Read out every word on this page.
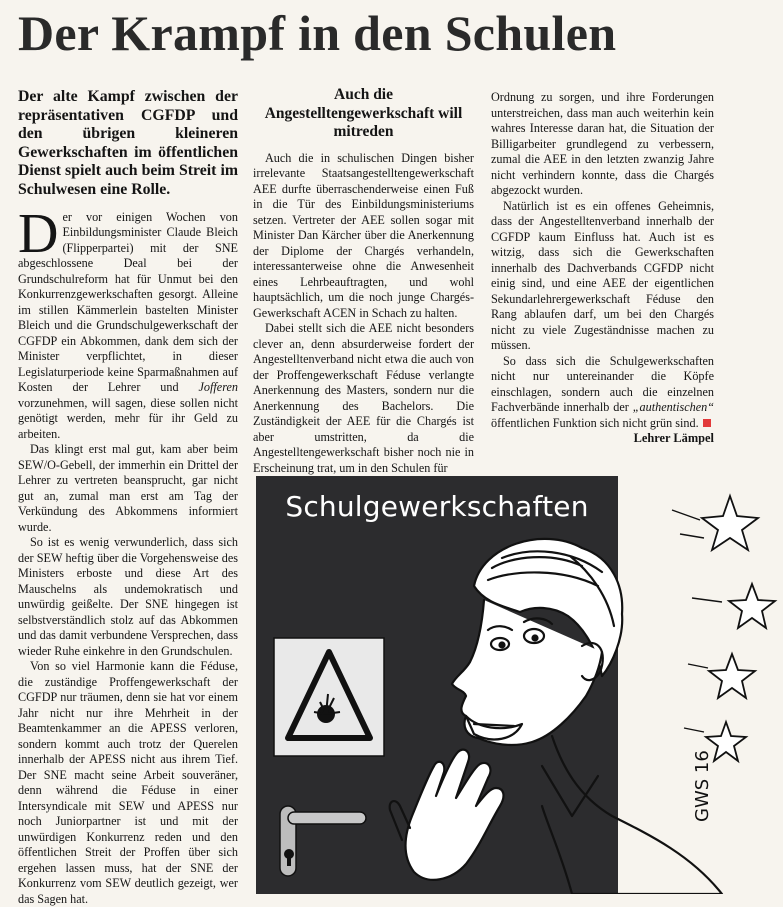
Der Krampf in den Schulen
Der alte Kampf zwischen der repräsentativen CGFDP und den übrigen kleineren Gewerkschaften im öffentlichen Dienst spielt auch beim Streit im Schulwesen eine Rolle.

Der vor einigen Wochen von Einbildungsminister Claude Bleich (Flipperpartei) mit der SNE abgeschlossene Deal bei der Grundschulreform hat für Unmut bei den Konkurrenzgewerkschaften gesorgt. Alleine im stillen Kämmerlein bastelten Minister Bleich und die Grundschulgewerkschaft der CGFDP ein Abkommen, dank dem sich der Minister verpflichtet, in dieser Legislaturperiode keine Sparmaßnahmen auf Kosten der Lehrer und Jofferen vorzunehmen, will sagen, diese sollen nicht genötigt werden, mehr für ihr Geld zu arbeiten.

Das klingt erst mal gut, kam aber beim SEW/O-Gebell, der immerhin ein Drittel der Lehrer zu vertreten beansprucht, gar nicht gut an, zumal man erst am Tag der Verkündung des Abkommens informiert wurde.

So ist es wenig verwunderlich, dass sich der SEW heftig über die Vorgehensweise des Ministers erboste und diese Art des Mauschelns als undemokratisch und unwürdig geißelte. Der SNE hingegen ist selbstverständlich stolz auf das Abkommen und das damit verbundene Versprechen, dass wieder Ruhe einkehre in den Grundschulen.

Von so viel Harmonie kann die Féduse, die zuständige Proffengewerkschaft der CGFDP nur träumen, denn sie hat vor einem Jahr nicht nur ihre Mehrheit in der Beamtenkammer an die APESS verloren, sondern kommt auch trotz der Querelen innerhalb der APESS nicht aus ihrem Tief. Der SNE macht seine Arbeit souveräner, denn während die Féduse in einer Intersyndicale mit SEW und APESS nur noch Juniorpartner ist und mit der unwürdigen Konkurrenz reden und den öffentlichen Streit der Proffen über sich ergehen lassen muss, hat der SNE der Konkurrenz vom SEW deutlich gezeigt, wer das Sagen hat.

Auch die Angestelltengewerkschaft will mitreden

Auch die in schulischen Dingen bisher irrelevante Staatsangestelltengewerkschaft AEE durfte überraschenderweise einen Fuß in die Tür des Einbildungsministeriums setzen. Vertreter der AEE sollen sogar mit Minister Dan Kärcher über die Anerkennung der Diplome der Chargés verhandeln, interessanterweise ohne die Anwesenheit eines Lehrbeauftragten, und wohl hauptsächlich, um die noch junge Chargés-Gewerkschaft ACEN in Schach zu halten.

Dabei stellt sich die AEE nicht besonders clever an, denn absurderweise fordert der Angestelltenverband nicht etwa die auch von der Proffengewerkschaft Féduse verlangte Anerkennung des Masters, sondern nur die Anerkennung des Bachelors. Die Zuständigkeit der AEE für die Chargés ist aber umstritten, da die Angestelltengewerkschaft bisher noch nie in Erscheinung trat, um in den Schulen für

Ordnung zu sorgen, und ihre Forderungen unterstreichen, dass man auch weiterhin kein wahres Interesse daran hat, die Situation der Billigarbeiter grundlegend zu verbessern, zumal die AEE in den letzten zwanzig Jahre nicht verhindern konnte, dass die Chargés abgezockt wurden.

Natürlich ist es ein offenes Geheimnis, dass der Angestelltenverband innerhalb der CGFDP kaum Einfluss hat. Auch ist es witzig, dass sich die Gewerkschaften innerhalb des Dachverbands CGFDP nicht einig sind, und eine AEE der eigentlichen Sekundarlehrergewerkschaft Féduse den Rang ablaufen darf, um bei den Chargés nicht zu viele Zugeständnisse machen zu müssen.

So dass sich die Schulgewerkschaften nicht nur untereinander die Köpfe einschlagen, sondern auch die einzelnen Fachverbände innerhalb der „authentischen“ öffentlichen Funktion sich nicht grün sind.

Lehrer Lämpel

Schulgewerkschaften
GWS 16
